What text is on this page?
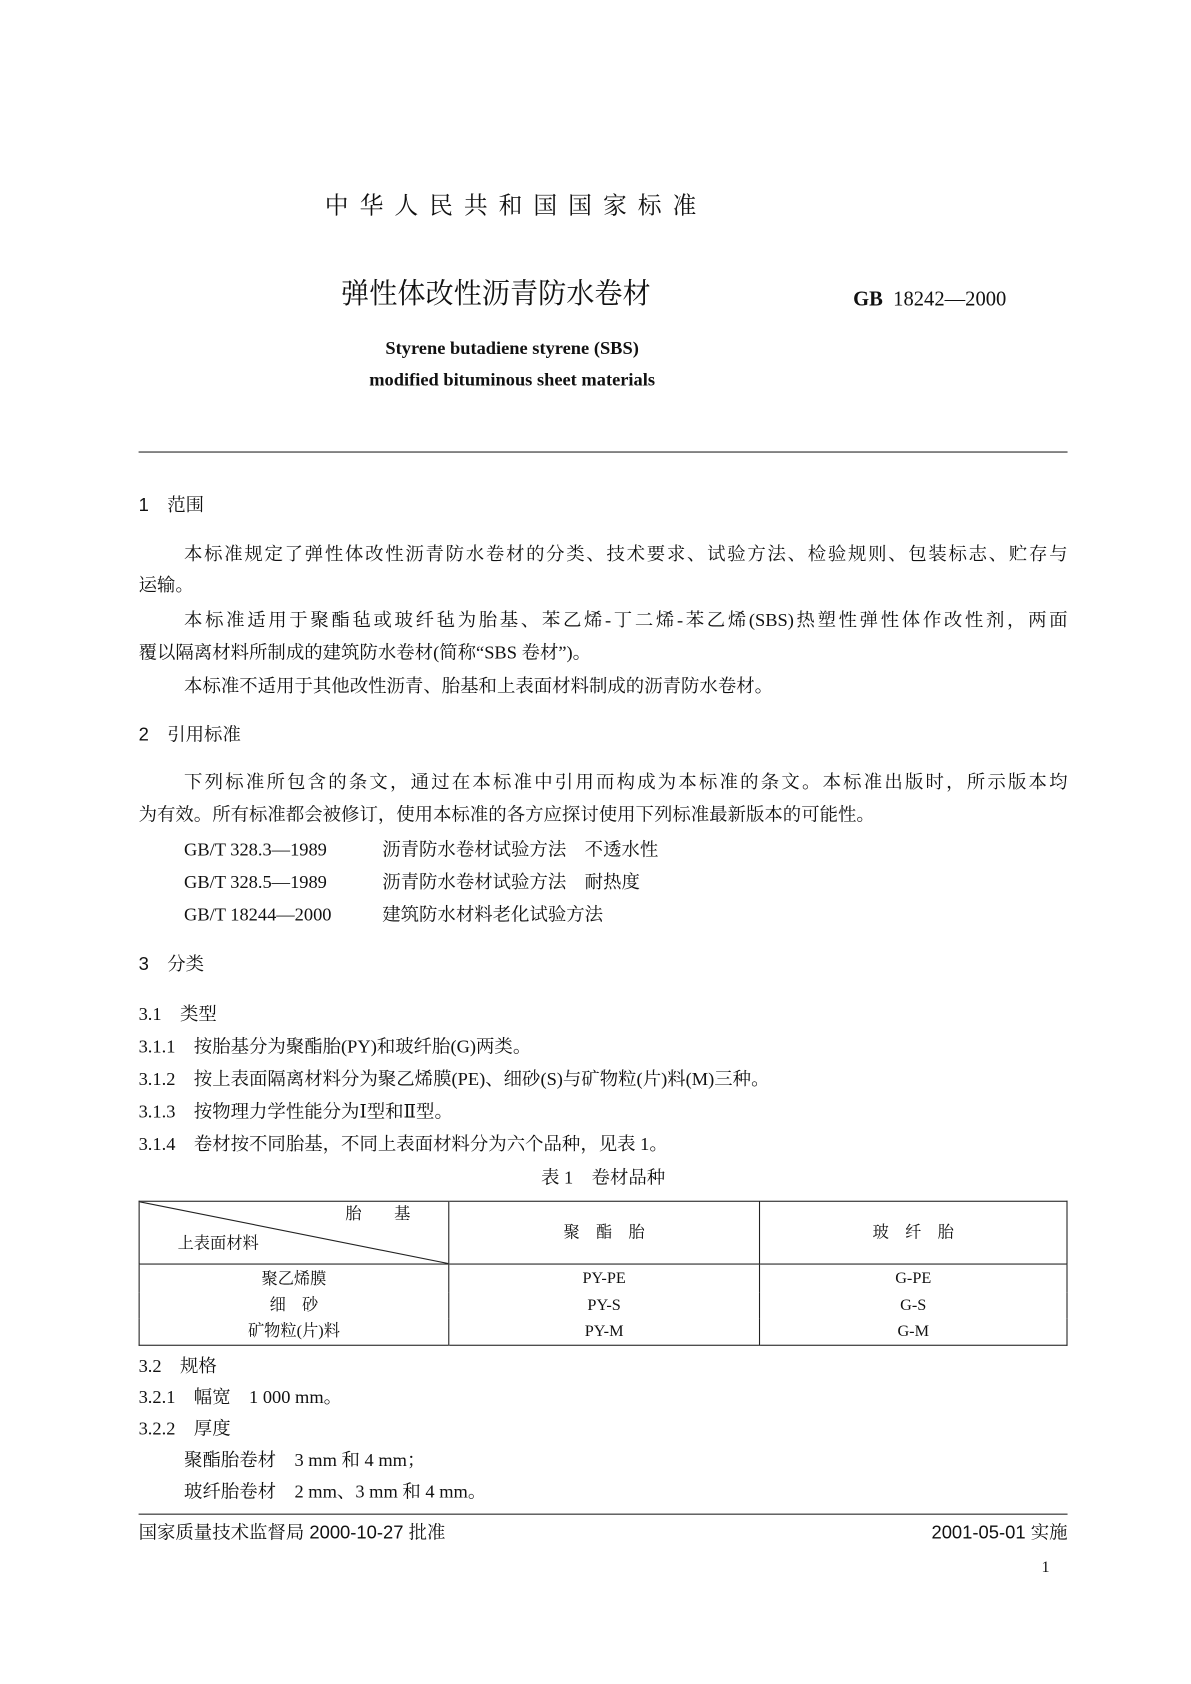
中 华 人 民 共 和 国 国 家 标 准
弹性体改性沥青防水卷材	GB 18242—2000
Styrene butadiene styrene (SBS)
modified bituminous sheet materials
1　范围
本标准规定了弹性体改性沥青防水卷材的分类、技术要求、试验方法、检验规则、包装标志、贮存与
运输。
本标准适用于聚酯毡或玻纤毡为胎基、苯乙烯-丁二烯-苯乙烯(SBS)热塑性弹性体作改性剂，两面
覆以隔离材料所制成的建筑防水卷材(简称“SBS 卷材”)。
本标准不适用于其他改性沥青、胎基和上表面材料制成的沥青防水卷材。
2　引用标准
下列标准所包含的条文，通过在本标准中引用而构成为本标准的条文。本标准出版时，所示版本均
为有效。所有标准都会被修订，使用本标准的各方应探讨使用下列标准最新版本的可能性。
GB/T 328.3—1989	沥青防水卷材试验方法　不透水性
GB/T 328.5—1989	沥青防水卷材试验方法　耐热度
GB/T 18244—2000	建筑防水材料老化试验方法
3　分类
3.1　类型
3.1.1　按胎基分为聚酯胎(PY)和玻纤胎(G)两类。
3.1.2　按上表面隔离材料分为聚乙烯膜(PE)、细砂(S)与矿物粒(片)料(M)三种。
3.1.3　按物理力学性能分为Ⅰ型和Ⅱ型。
3.1.4　卷材按不同胎基，不同上表面材料分为六个品种，见表 1。
表 1　卷材品种
胎　　基
上表面材料	聚　酯　胎	玻　纤　胎
聚乙烯膜	PY-PE	G-PE
细　砂	PY-S	G-S
矿物粒(片)料	PY-M	G-M
3.2　规格
3.2.1　幅宽　1 000 mm。
3.2.2　厚度
聚酯胎卷材　3 mm 和 4 mm；
玻纤胎卷材　2 mm、3 mm 和 4 mm。
国家质量技术监督局 2000-10-27 批准	2001-05-01 实施
1
